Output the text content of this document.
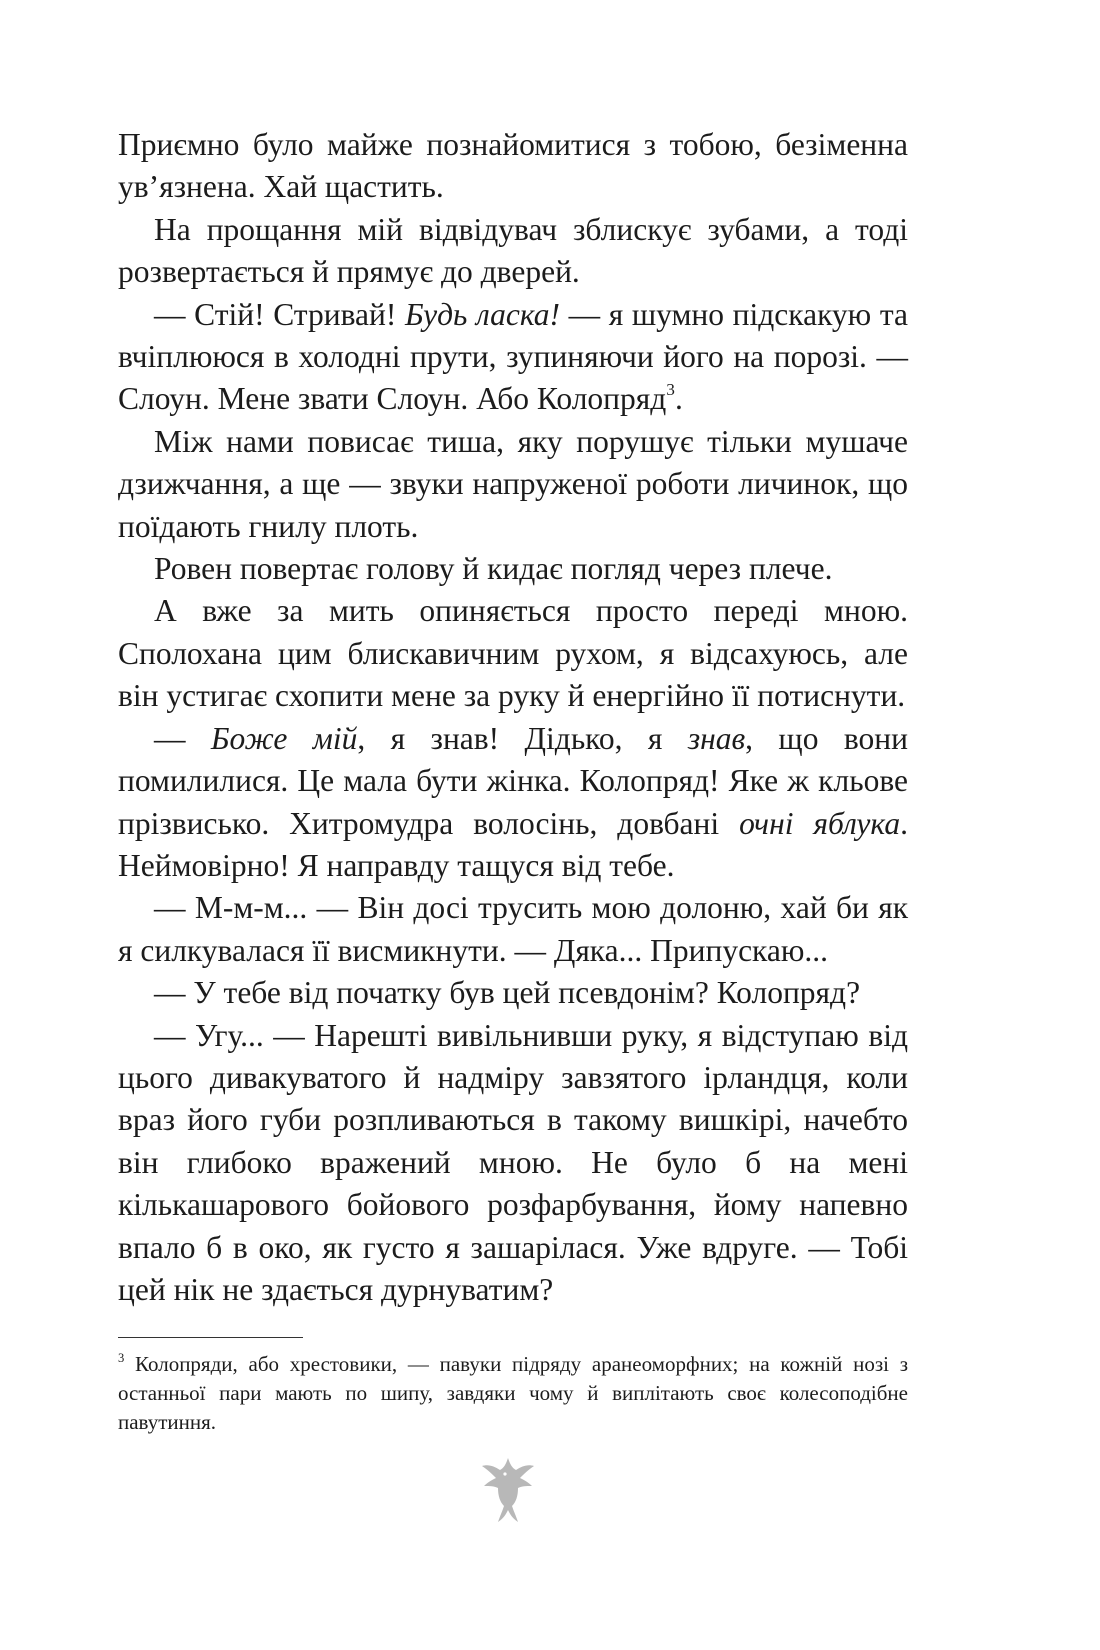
Приємно було майже познайомитися з тобою, безіменна ув’язнена. Хай щастить.

На прощання мій відвідувач зблискує зубами, а тоді розвертається й прямує до дверей.

— Стій! Стривай! Будь ласка! — я шумно підскакую та вчіплююся в холодні прути, зупиняючи його на порозі. — Слоун. Мене звати Слоун. Або Колопряд$^3$.

Між нами повисає тиша, яку порушує тільки мушаче дзижчання, а ще — звуки напруженої роботи личинок, що поїдають гнилу плоть.

Ровен повертає голову й кидає погляд через плече.

А вже за мить опиняється просто переді мною. Сполохана цим блискавичним рухом, я відсахуюсь, але він устигає схопити мене за руку й енергійно її потиснути.

— Боже мій, я знав! Дідько, я знав, що вони помилилися. Це мала бути жінка. Колопряд! Яке ж кльове прізвисько. Хитромудра волосінь, довбані очні яблука. Неймовірно! Я направду тащуся від тебе.

— М-м-м... — Він досі трусить мою долоню, хай би як я силкувалася її висмикнути. — Дяка... Припускаю...

— У тебе від початку був цей псевдонім? Колопряд?

— Угу... — Нарешті вивільнивши руку, я відступаю від цього дивакуватого й надміру завзятого ірландця, коли враз його губи розпливаються в такому вишкірі, начебто він глибоко вражений мною. Не було б на мені кількашарового бойового розфарбування, йому напевно впало б в око, як густо я зашарілася. Уже вдруге. — Тобі цей нік не здається дурнуватим?

$^3$ Колопряди, або хрестовики, — павуки підряду аранеоморфних; на кожній нозі з останньої пари мають по шипу, завдяки чому й виплітають своє колесоподібне павутиння.
